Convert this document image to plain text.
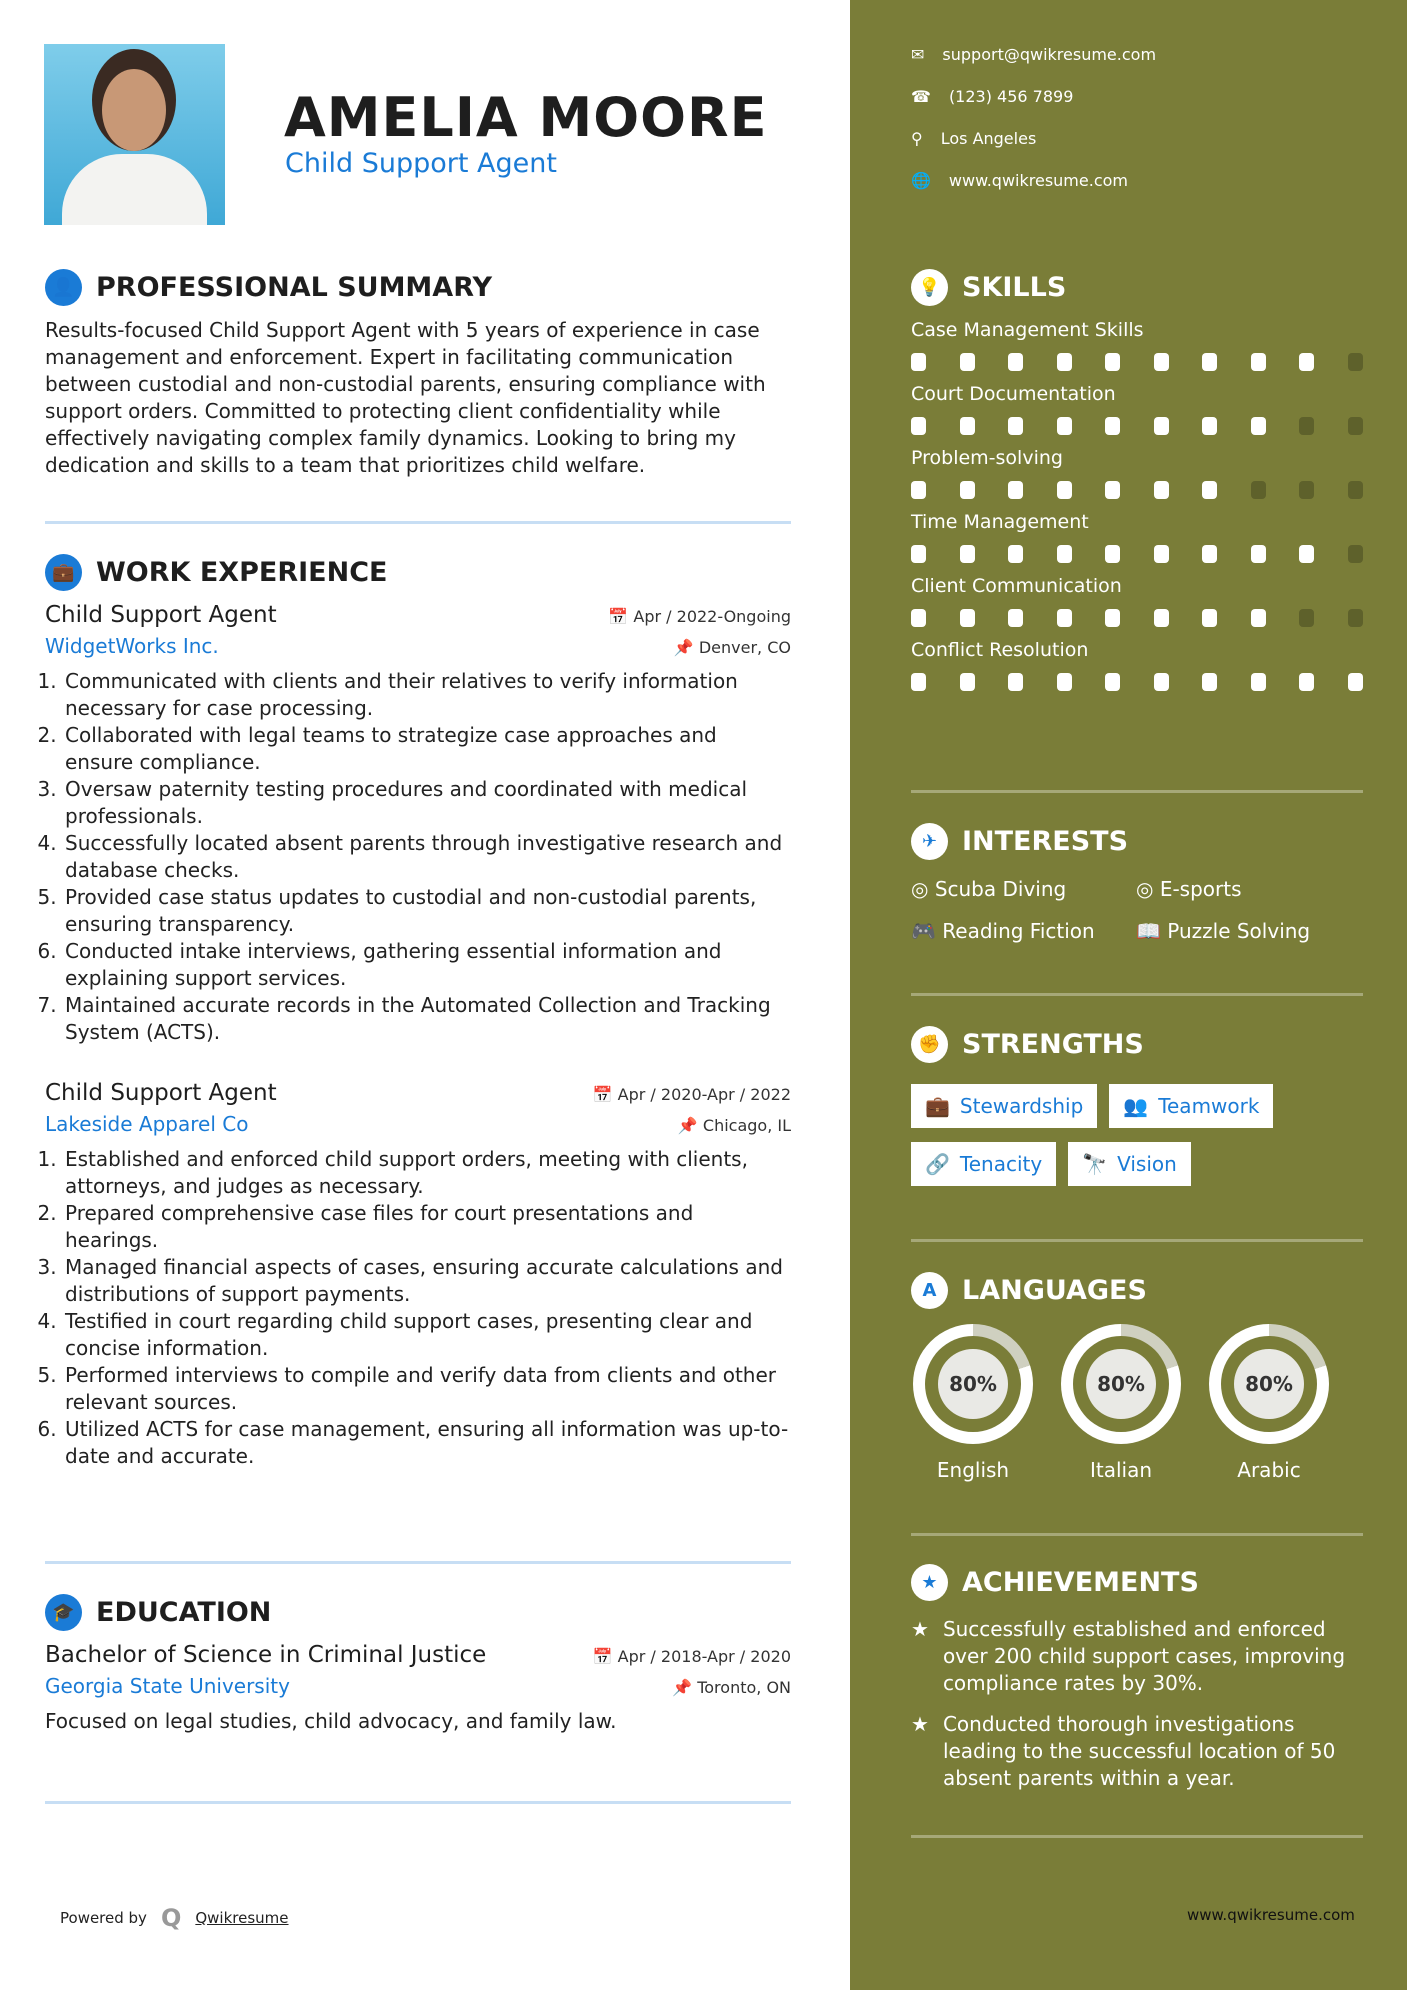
AMELIA MOORE
Child Support Agent
👤 PROFESSIONAL SUMMARY
Results-focused Child Support Agent with 5 years of experience in case management and enforcement. Expert in facilitating communication between custodial and non-custodial parents, ensuring compliance with support orders. Committed to protecting client confidentiality while effectively navigating complex family dynamics. Looking to bring my dedication and skills to a team that prioritizes child welfare.
💼 WORK EXPERIENCE
Child Support Agent	📅 Apr / 2022-Ongoing
WidgetWorks Inc.	📌 Denver, CO
1. Communicated with clients and their relatives to verify information necessary for case processing.
2. Collaborated with legal teams to strategize case approaches and ensure compliance.
3. Oversaw paternity testing procedures and coordinated with medical professionals.
4. Successfully located absent parents through investigative research and database checks.
5. Provided case status updates to custodial and non-custodial parents, ensuring transparency.
6. Conducted intake interviews, gathering essential information and explaining support services.
7. Maintained accurate records in the Automated Collection and Tracking System (ACTS).
Child Support Agent	📅 Apr / 2020-Apr / 2022
Lakeside Apparel Co	📌 Chicago, IL
1. Established and enforced child support orders, meeting with clients, attorneys, and judges as necessary.
2. Prepared comprehensive case files for court presentations and hearings.
3. Managed financial aspects of cases, ensuring accurate calculations and distributions of support payments.
4. Testified in court regarding child support cases, presenting clear and concise information.
5. Performed interviews to compile and verify data from clients and other relevant sources.
6. Utilized ACTS for case management, ensuring all information was up-to-date and accurate.
🎓 EDUCATION
Bachelor of Science in Criminal Justice	📅 Apr / 2018-Apr / 2020
Georgia State University	📌 Toronto, ON
Focused on legal studies, child advocacy, and family law.
Powered by Q Qwikresume
✉ support@qwikresume.com
☎ (123) 456 7899
⚲ Los Angeles
🌐 www.qwikresume.com
💡 SKILLS
Case Management Skills
Court Documentation
Problem-solving
Time Management
Client Communication
Conflict Resolution
✈ INTERESTS
◎ Scuba Diving	◎ E-sports
🎮 Reading Fiction	📖 Puzzle Solving
✊ STRENGTHS
💼 Stewardship 👥 Teamwork
🔗 Tenacity 🔭 Vision
A LANGUAGES
80%
English
80%
Italian
80%
Arabic
★ ACHIEVEMENTS
★ Successfully established and enforced over 200 child support cases, improving compliance rates by 30%.
★ Conducted thorough investigations leading to the successful location of 50 absent parents within a year.
www.qwikresume.com
